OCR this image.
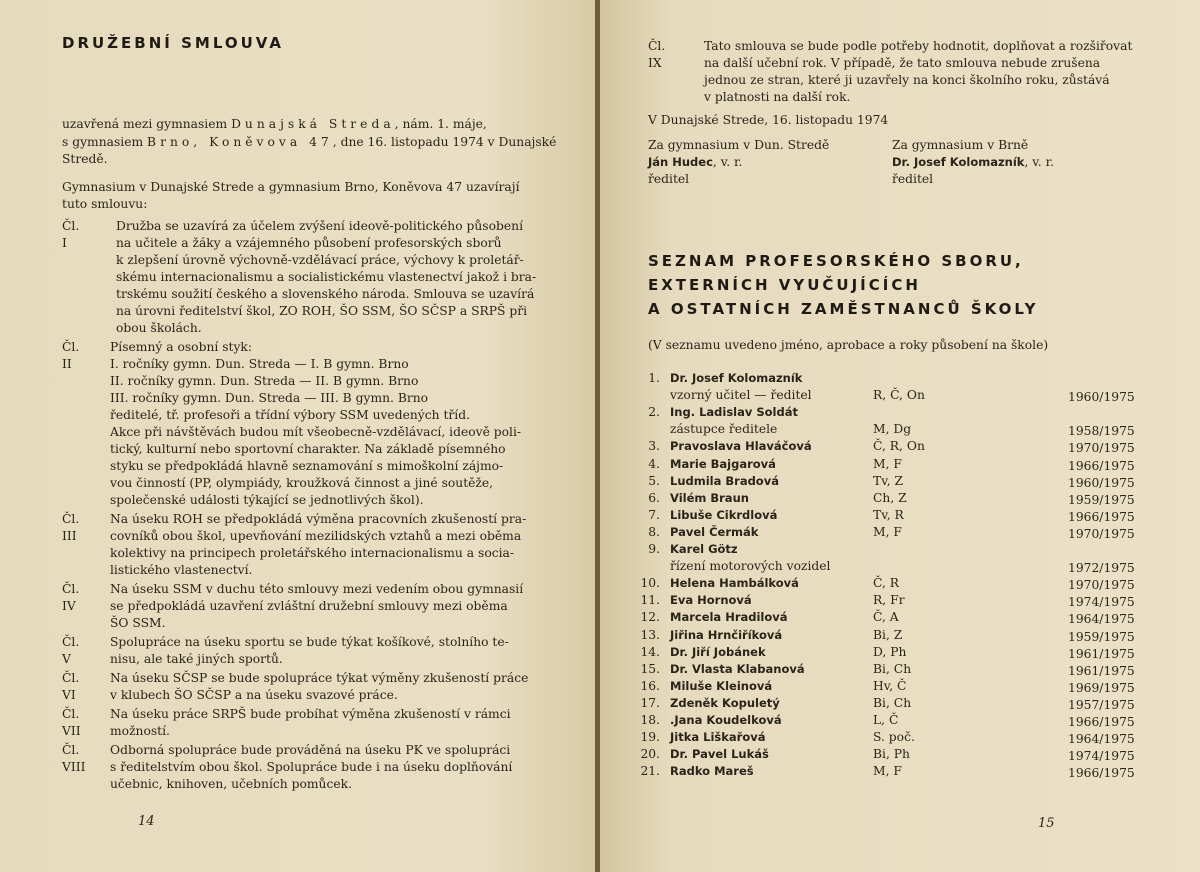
DRUŽEBNÍ SMLOUVA
uzavřená mezi gymnasiem Dunajská Streda, nám. 1. máje,
s gymnasiem Brno, Koněvova 47, dne 16. listopadu 1974 v Dunajské
Stredě.
Gymnasium v Dunajské Strede a gymnasium Brno, Koněvova 47 uzavírají
tuto smlouvu:
Čl. I
Družba se uzavírá za účelem zvýšení ideově-politického působení
na učitele a žáky a vzájemného působení profesorských sborů
k zlepšení úrovně výchovně-vzdělávací práce, výchovy k proletář-
skému internacionalismu a socialistickému vlastenectví jakož i bra-
trskému soužití českého a slovenského národa. Smlouva se uzavírá
na úrovni ředitelství škol, ZO ROH, ŠO SSM, ŠO SČSP a SRPŠ při
obou školách.
Čl. II
Písemný a osobní styk:
I. ročníky gymn. Dun. Streda — I. B gymn. Brno
II. ročníky gymn. Dun. Streda — II. B gymn. Brno
III. ročníky gymn. Dun. Streda — III. B gymn. Brno
ředitelé, tř. profesoři a třídní výbory SSM uvedených tříd.
Akce při návštěvách budou mít všeobecně-vzdělávací, ideově poli-
tický, kulturní nebo sportovní charakter. Na základě písemného
styku se předpokládá hlavně seznamování s mimoškolní zájmo-
vou činností (PP, olympiády, kroužková činnost a jiné soutěže,
společenské události týkající se jednotlivých škol).
Čl. III
Na úseku ROH se předpokládá výměna pracovních zkušeností pra-
covníků obou škol, upevňování mezilidských vztahů a mezi oběma
kolektivy na principech proletářského internacionalismu a socia-
listického vlastenectví.
Čl. IV
Na úseku SSM v duchu této smlouvy mezi vedením obou gymnasií
se předpokládá uzavření zvláštní družební smlouvy mezi oběma
ŠO SSM.
Čl. V
Spolupráce na úseku sportu se bude týkat košíkové, stolního te-
nisu, ale také jiných sportů.
Čl. VI
Na úseku SČSP se bude spolupráce týkat výměny zkušeností práce
v klubech ŠO SČSP a na úseku svazové práce.
Čl. VII
Na úseku práce SRPŠ bude probíhat výměna zkušeností v rámci
možností.
Čl. VIII
Odborná spolupráce bude prováděná na úseku PK ve spolupráci
s ředitelstvím obou škol. Spolupráce bude i na úseku doplňování
učebnic, knihoven, učebních pomůcek.
14
Čl. IX
Tato smlouva se bude podle potřeby hodnotit, doplňovat a rozšiřovat
na další učební rok. V případě, že tato smlouva nebude zrušena
jednou ze stran, které ji uzavřely na konci školního roku, zůstává
v platnosti na další rok.
V Dunajské Strede, 16. listopadu 1974
Za gymnasium v Dun. Stredě
Ján Hudec, v. r.
ředitel
Za gymnasium v Brně
Dr. Josef Kolomazník, v. r.
ředitel
SEZNAM PROFESORSKÉHO SBORU,
EXTERNÍCH VYUČUJÍCÍCH
A OSTATNÍCH ZAMĚSTNANCŮ ŠKOLY
(V seznamu uvedeno jméno, aprobace a roky působení na škole)
1. Dr. Josef Kolomazník
vzorný učitel — ředitel	R, Č, On	1960/1975
2. Ing. Ladislav Soldát
zástupce ředitele	M, Dg	1958/1975
3. Pravoslava Hlaváčová	Č, R, On	1970/1975
4. Marie Bajgarová	M, F	1966/1975
5. Ludmila Bradová	Tv, Z	1960/1975
6. Vilém Braun	Ch, Z	1959/1975
7. Libuše Cikrdlová	Tv, R	1966/1975
8. Pavel Čermák	M, F	1970/1975
9. Karel Götz
řízení motorových vozidel	1972/1975
10. Helena Hambálková	Č, R	1970/1975
11. Eva Hornová	R, Fr	1974/1975
12. Marcela Hradilová	Č, A	1964/1975
13. Jiřina Hrnčiříková	Bi, Z	1959/1975
14. Dr. Jiří Jobánek	D, Ph	1961/1975
15. Dr. Vlasta Klabanová	Bi, Ch	1961/1975
16. Miluše Kleinová	Hv, Č	1969/1975
17. Zdeněk Kopuletý	Bi, Ch	1957/1975
18. .Jana Koudelková	L, Č	1966/1975
19. Jitka Liškařová	S. poč.	1964/1975
20. Dr. Pavel Lukáš	Bi, Ph	1974/1975
21. Radko Mareš	M, F	1966/1975
15
